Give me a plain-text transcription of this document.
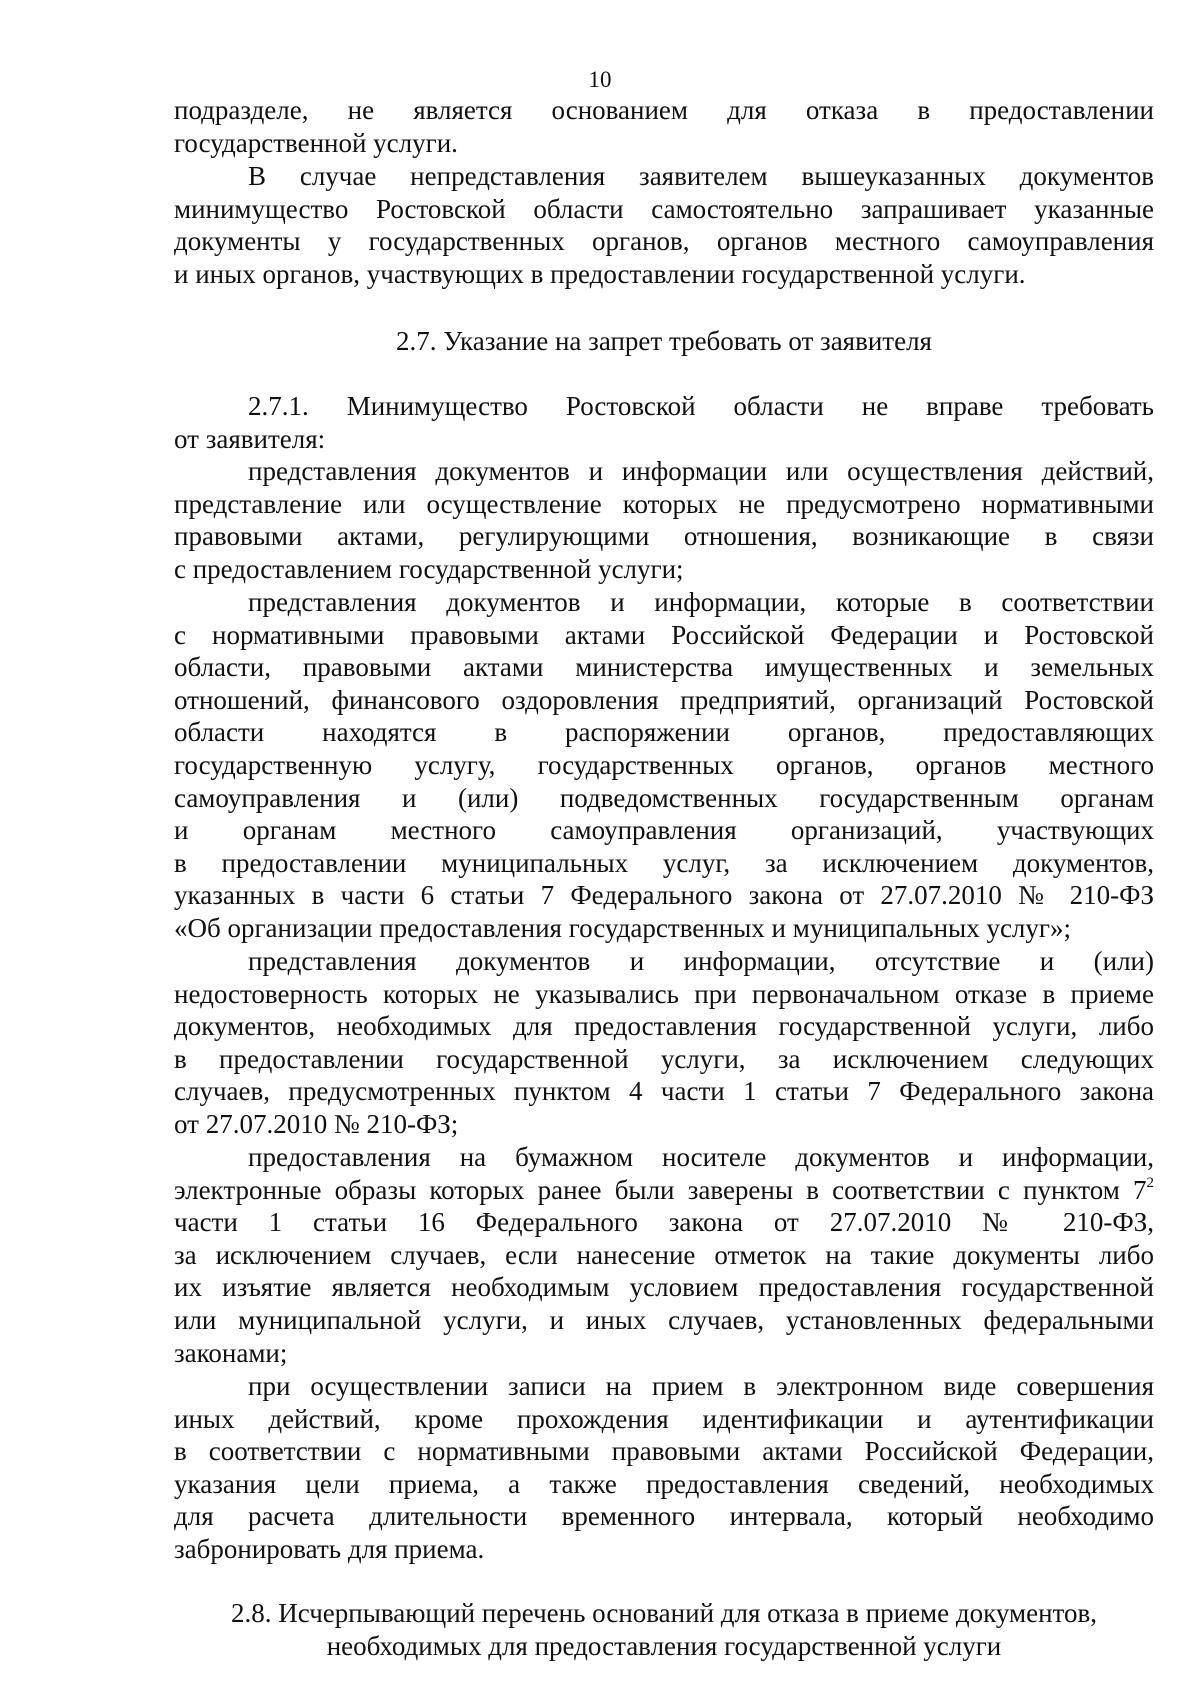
10
подразделе, не является основанием для отказа в предоставлении
государственной услуги.
В случае непредставления заявителем вышеуказанных документов
минимущество Ростовской области самостоятельно запрашивает указанные
документы у государственных органов, органов местного самоуправления
и иных органов, участвующих в предоставлении государственной услуги.
2.7. Указание на запрет требовать от заявителя
2.7.1. Минимущество Ростовской области не вправе требовать
от заявителя:
представления документов и информации или осуществления действий,
представление или осуществление которых не предусмотрено нормативными
правовыми актами, регулирующими отношения, возникающие в связи
с предоставлением государственной услуги;
представления документов и информации, которые в соответствии
с нормативными правовыми актами Российской Федерации и Ростовской
области, правовыми актами министерства имущественных и земельных
отношений, финансового оздоровления предприятий, организаций Ростовской
области находятся в распоряжении органов, предоставляющих
государственную услугу, государственных органов, органов местного
самоуправления и (или) подведомственных государственным органам
и органам местного самоуправления организаций, участвующих
в предоставлении муниципальных услуг, за исключением документов,
указанных в части 6 статьи 7 Федерального закона от 27.07.2010 № 210-ФЗ
«Об организации предоставления государственных и муниципальных услуг»;
представления документов и информации, отсутствие и (или)
недостоверность которых не указывались при первоначальном отказе в приеме
документов, необходимых для предоставления государственной услуги, либо
в предоставлении государственной услуги, за исключением следующих
случаев, предусмотренных пунктом 4 части 1 статьи 7 Федерального закона
от 27.07.2010 № 210-ФЗ;
предоставления на бумажном носителе документов и информации,
электронные образы которых ранее были заверены в соответствии с пунктом $7^2$
части 1 статьи 16 Федерального закона от 27.07.2010 № 210-ФЗ,
за исключением случаев, если нанесение отметок на такие документы либо
их изъятие является необходимым условием предоставления государственной
или муниципальной услуги, и иных случаев, установленных федеральными
законами;
при осуществлении записи на прием в электронном виде совершения
иных действий, кроме прохождения идентификации и аутентификации
в соответствии с нормативными правовыми актами Российской Федерации,
указания цели приема, а также предоставления сведений, необходимых
для расчета длительности временного интервала, который необходимо
забронировать для приема.
2.8. Исчерпывающий перечень оснований для отказа в приеме документов,
необходимых для предоставления государственной услуги
